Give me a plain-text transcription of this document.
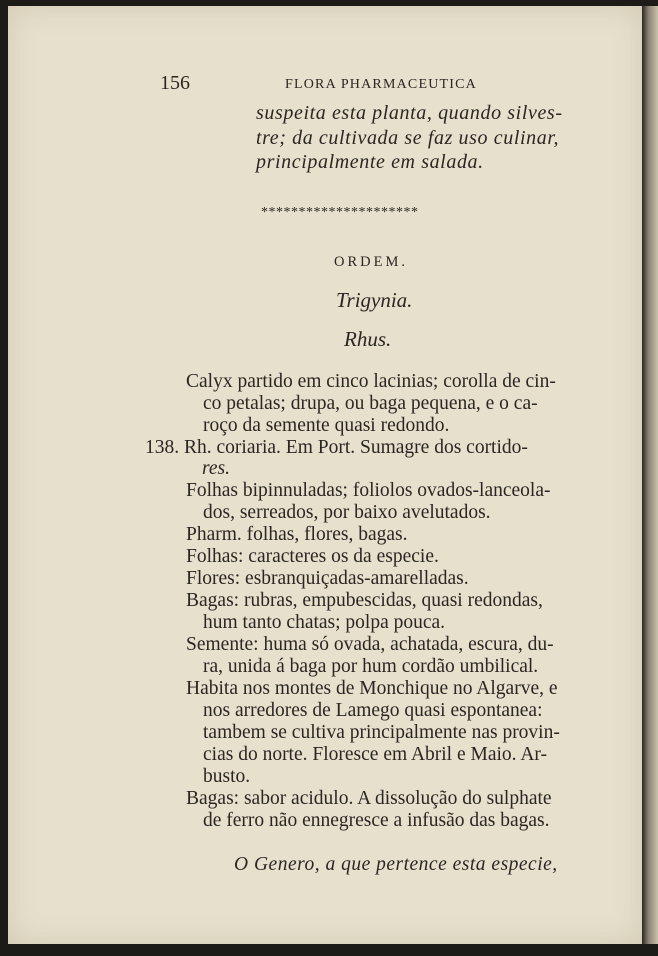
156	FLORA PHARMACEUTICA
suspeita esta planta, quando silves-
tre; da cultivada se faz uso culinar,
principalmente em salada.
*********************
ORDEM.
Trigynia.
Rhus.
Calyx partido em cinco lacinias; corolla de cin-
co petalas; drupa, ou baga pequena, e o ca-
roço da semente quasi redondo.
138. Rh. coriaria. Em Port. Sumagre dos cortido-
res.
Folhas bipinnuladas; foliolos ovados-lanceola-
dos, serreados, por baixo avelutados.
Pharm. folhas, flores, bagas.
Folhas: caracteres os da especie.
Flores: esbranquiçadas-amarelladas.
Bagas: rubras, empubescidas, quasi redondas,
hum tanto chatas; polpa pouca.
Semente: huma só ovada, achatada, escura, du-
ra, unida á baga por hum cordão umbilical.
Habita nos montes de Monchique no Algarve, e
nos arredores de Lamego quasi espontanea:
tambem se cultiva principalmente nas provin-
cias do norte. Floresce em Abril e Maio. Ar-
busto.
Bagas: sabor acidulo. A dissolução do sulphate
de ferro não ennegresce a infusão das bagas.
O Genero, a que pertence esta especie,
